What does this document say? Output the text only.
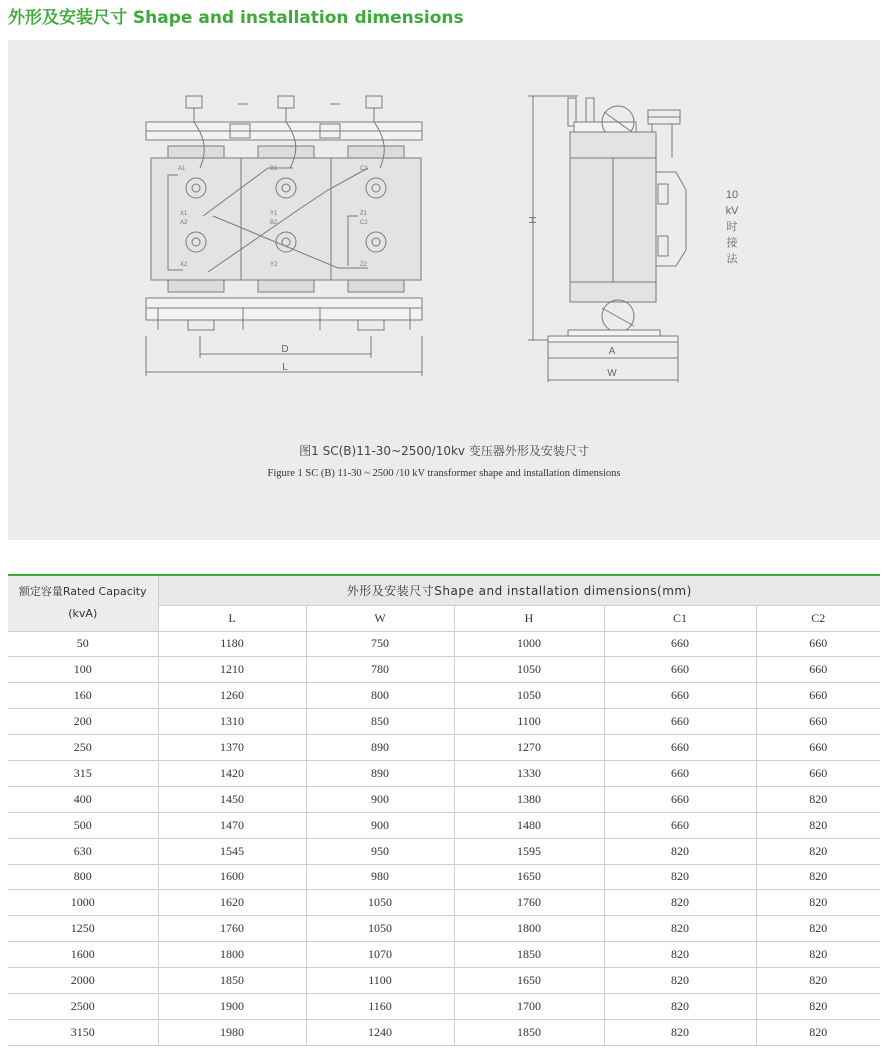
外形及安装尺寸 Shape and installation dimensions
D
L
A
W
H
10
kV
时
接
法
A1
X1
A2
X2
B1
Y1
B2
Y2
C1
Z1
C2
Z2
图1 SC(B)11-30~2500/10kv 变压器外形及安装尺寸
Figure 1 SC (B) 11-30 ~ 2500 /10 kV transformer shape and installation dimensions
额定容量Rated Capacity
(kvA)	外形及安装尺寸Shape and installation dimensions(mm)				
	L	W	H	C1	C2
50	1180	750	1000	660	660
100	1210	780	1050	660	660
160	1260	800	1050	660	660
200	1310	850	1100	660	660
250	1370	890	1270	660	660
315	1420	890	1330	660	660
400	1450	900	1380	660	820
500	1470	900	1480	660	820
630	1545	950	1595	820	820
800	1600	980	1650	820	820
1000	1620	1050	1760	820	820
1250	1760	1050	1800	820	820
1600	1800	1070	1850	820	820
2000	1850	1100	1650	820	820
2500	1900	1160	1700	820	820
3150	1980	1240	1850	820	820
